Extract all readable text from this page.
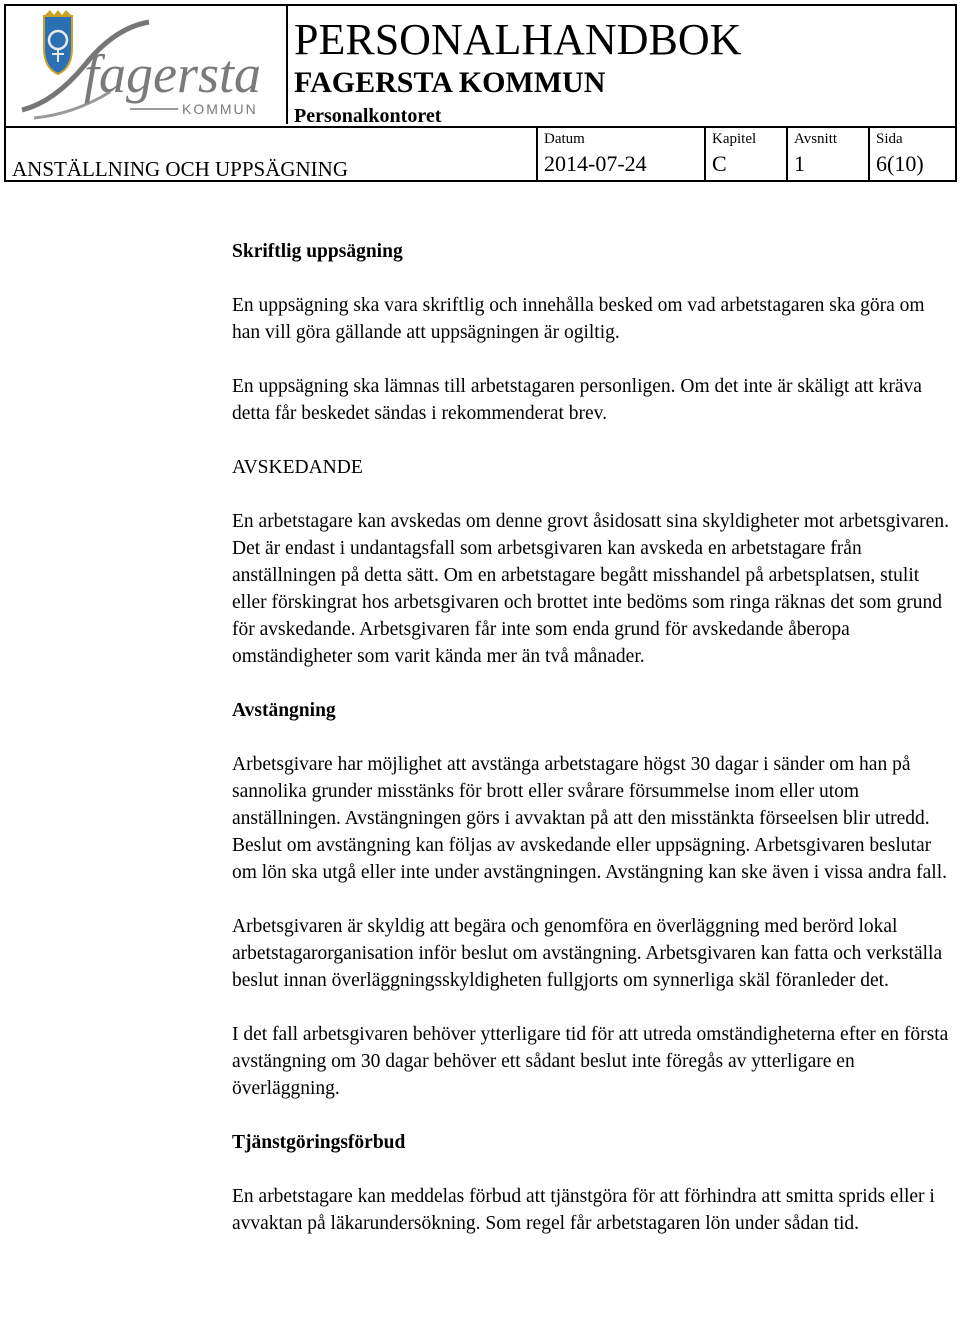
fagersta
KOMMUN
PERSONALHANDBOK
FAGERSTA KOMMUN
Personalkontoret
ANSTÄLLNING OCH UPPSÄGNING
Datum
2014-07-24
Kapitel
C
Avsnitt
1
Sida
6(10)
Skriftlig uppsägning

En uppsägning ska vara skriftlig och innehålla besked om vad arbetstagaren ska göra om han vill göra gällande att uppsägningen är ogiltig.

En uppsägning ska lämnas till arbetstagaren personligen. Om det inte är skäligt att kräva detta får beskedet sändas i rekommenderat brev.

AVSKEDANDE

En arbetstagare kan avskedas om denne grovt åsidosatt sina skyldigheter mot arbetsgivaren. Det är endast i undantagsfall som arbetsgivaren kan avskeda en arbetstagare från anställningen på detta sätt. Om en arbetstagare begått misshandel på arbetsplatsen, stulit eller förskingrat hos arbetsgivaren och brottet inte bedöms som ringa räknas det som grund för avskedande. Arbetsgivaren får inte som enda grund för avskedande åberopa omständigheter som varit kända mer än två månader.

Avstängning

Arbetsgivare har möjlighet att avstänga arbetstagare högst 30 dagar i sänder om han på sannolika grunder misstänks för brott eller svårare försummelse inom eller utom anställningen. Avstängningen görs i avvaktan på att den misstänkta förseelsen blir utredd. Beslut om avstängning kan följas av avskedande eller uppsägning. Arbetsgivaren beslutar om lön ska utgå eller inte under avstängningen. Avstängning kan ske även i vissa andra fall.

Arbetsgivaren är skyldig att begära och genomföra en överläggning med berörd lokal arbetstagarorganisation inför beslut om avstängning. Arbetsgivaren kan fatta och verkställa beslut innan överläggningsskyldigheten fullgjorts om synnerliga skäl föranleder det.

I det fall arbetsgivaren behöver ytterligare tid för att utreda omständigheterna efter en första avstängning om 30 dagar behöver ett sådant beslut inte föregås av ytterligare en överläggning.

Tjänstgöringsförbud

En arbetstagare kan meddelas förbud att tjänstgöra för att förhindra att smitta sprids eller i avvaktan på läkarundersökning. Som regel får arbetstagaren lön under sådan tid.
